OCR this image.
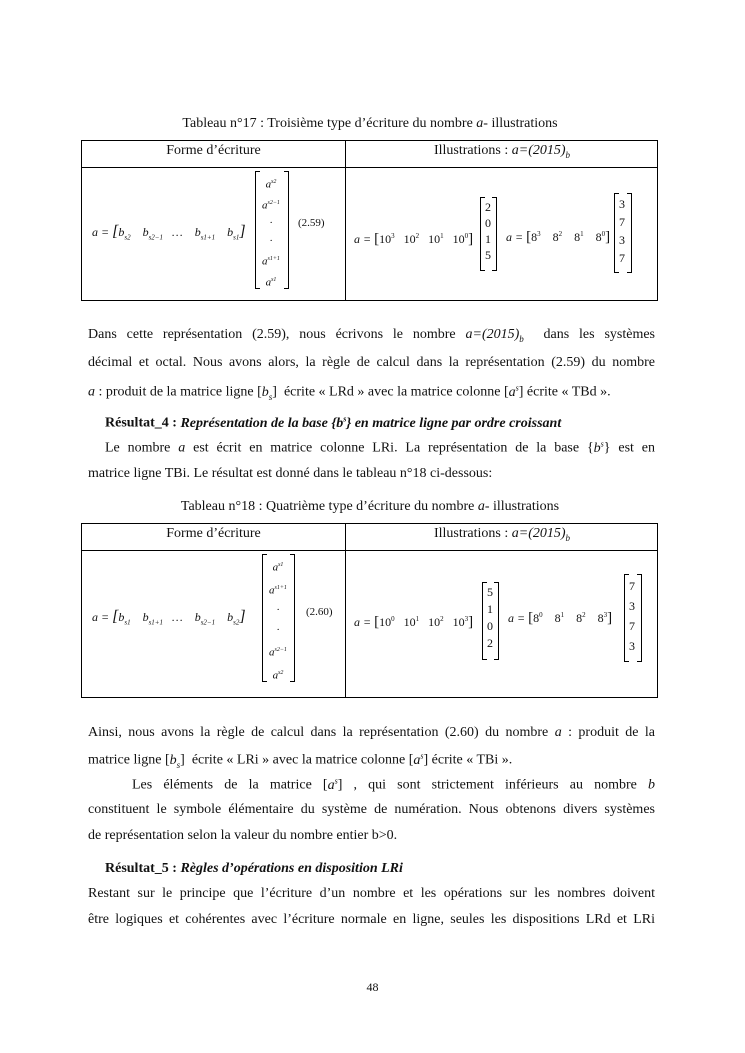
Tableau n°17 : Troisième type d’écriture du nombre a- illustrations
Forme d’écriture	Illustrations : $a=(2015)_b$
$a = [b_{s2}$ $b_{s2-1}$   …    $b_{s1+1}$ $b_{s1}$]
$a^{s2}$
$a^{s2-1}$
·
·
$a^{s1+1}$
$a^{s1}$
(2.59)
$a = [10^3$   $10^2$   $10^1$   $10^0$]
2
0
1
5
$a = [8^3$    $8^2$    $8^1$    $8^0$]
3
7
3
7
Dans cette représentation (2.59), nous écrivons le nombre $a=(2015)_b$  dans les systèmes
décimal et octal. Nous avons alors, la règle de calcul dans la représentation (2.59) du nombre
a : produit de la matrice ligne $[b_s]$  écrite « LRd » avec la matrice colonne $[a^s]$ écrite « TBd ».
Résultat_4 : Représentation de la base $\{b^s\}$ en matrice ligne par ordre croissant
Le nombre a est écrit en matrice colonne LRi. La représentation de la base $\{b^s\}$ est en
matrice ligne TBi. Le résultat est donné dans le tableau n°18 ci-dessous:
Tableau n°18 : Quatrième type d’écriture du nombre a- illustrations
Forme d’écriture	Illustrations : $a=(2015)_b$
$a = [b_{s1}$ $b_{s1+1}$   …    $b_{s2-1}$ $b_{s2}$]
$a^{s1}$
$a^{s1+1}$
·
·
$a^{s2-1}$
$a^{s2}$
(2.60)
$a = [10^0$   $10^1$   $10^2$   $10^3$]
5
1
0
2
$a = [8^0$    $8^1$    $8^2$    $8^3$]
7
3
7
3
Ainsi, nous avons la règle de calcul dans la représentation (2.60) du nombre a : produit de la
matrice ligne $[b_s]$  écrite « LRi » avec la matrice colonne $[a^s]$ écrite « TBi ».
Les éléments de la matrice $[a^s]$ , qui sont strictement inférieurs au nombre b
constituent le symbole élémentaire du système de numération. Nous obtenons divers systèmes
de représentation selon la valeur du nombre entier b>0.
Résultat_5 : Règles d’opérations en disposition LRi
Restant sur le principe que l’écriture d’un nombre et les opérations sur les nombres doivent
être logiques et cohérentes avec l’écriture normale en ligne, seules les dispositions LRd et LRi
48
